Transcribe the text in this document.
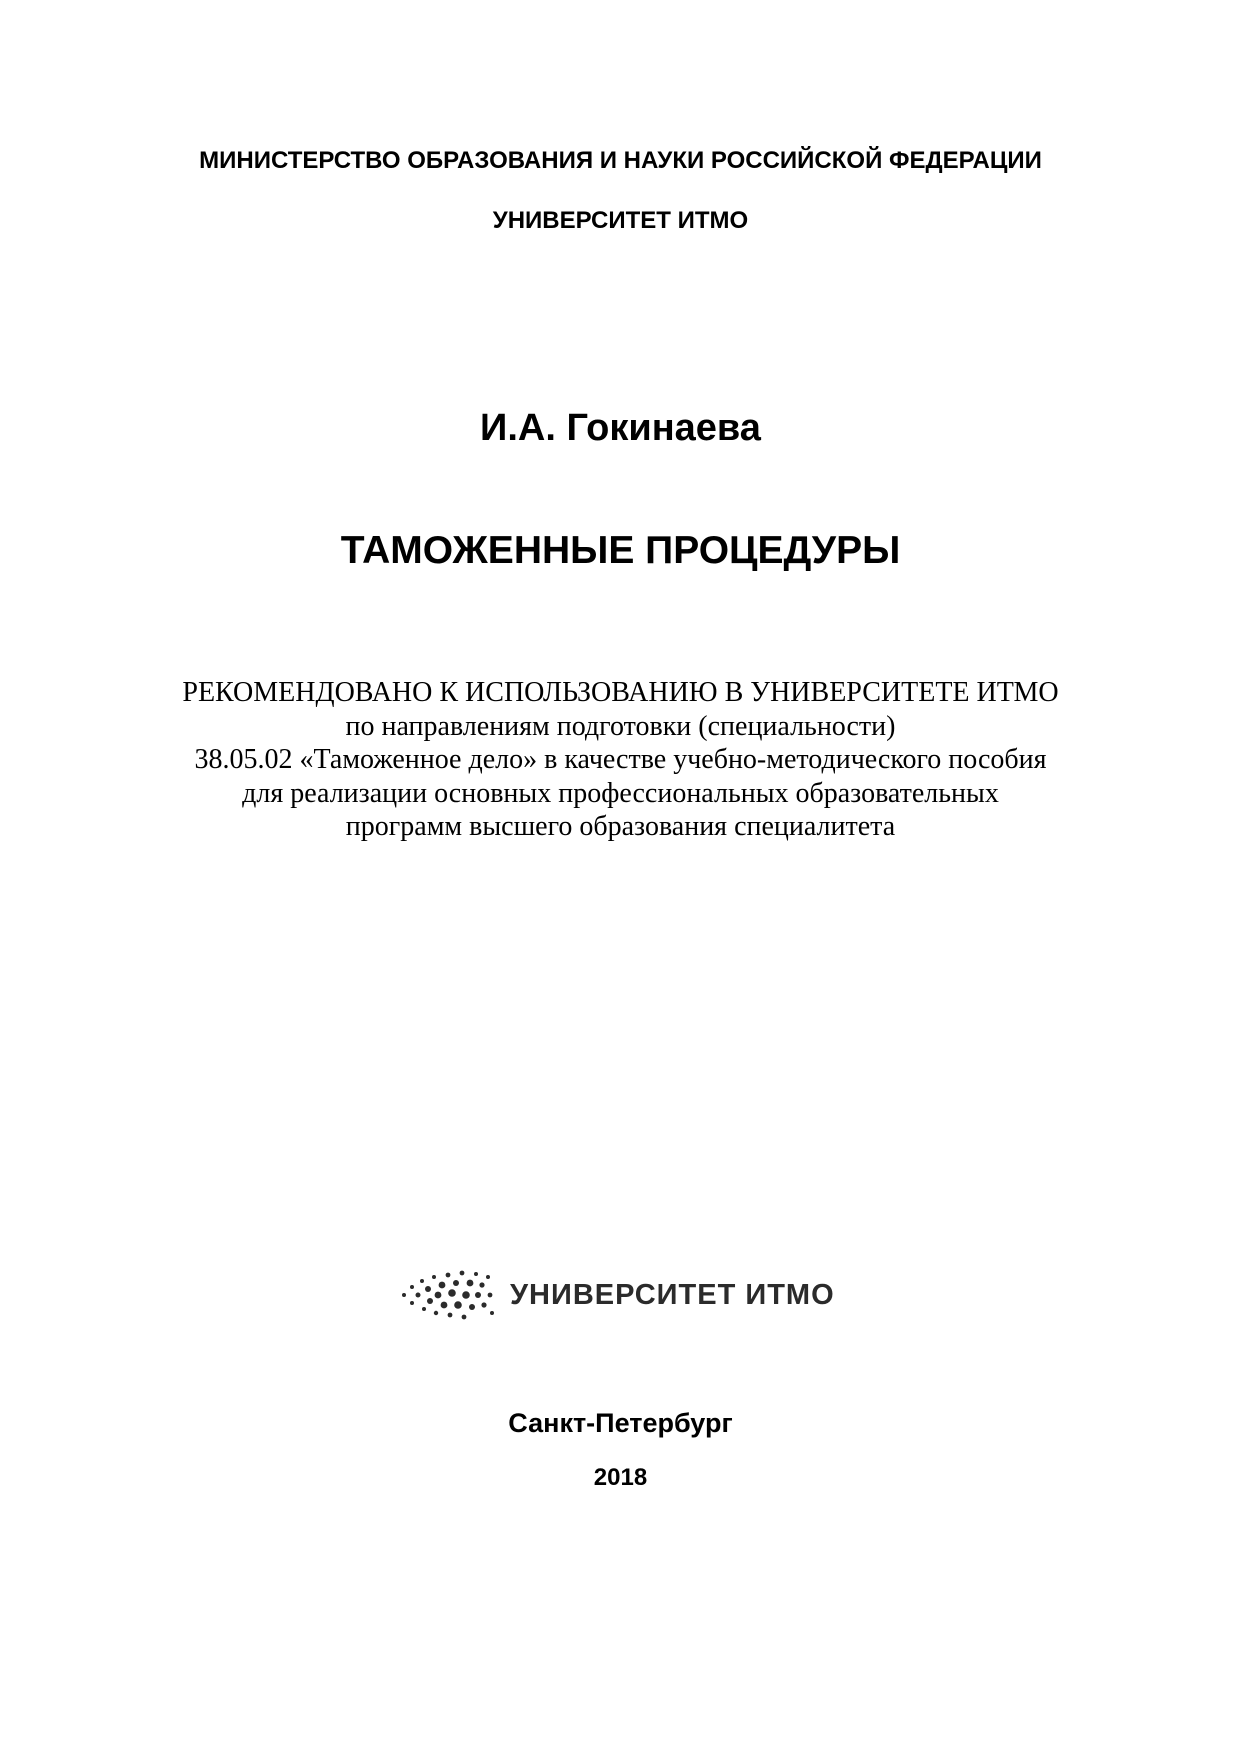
МИНИСТЕРСТВО ОБРАЗОВАНИЯ И НАУКИ РОССИЙСКОЙ ФЕДЕРАЦИИ
УНИВЕРСИТЕТ ИТМО
И.А. Гокинаева
ТАМОЖЕННЫЕ ПРОЦЕДУРЫ
РЕКОМЕНДОВАНО К ИСПОЛЬЗОВАНИЮ В УНИВЕРСИТЕТЕ ИТМО
по направлениям подготовки (специальности)
38.05.02 «Таможенное дело» в качестве учебно-методического пособия
для реализации основных профессиональных образовательных
программ высшего образования специалитета
УНИВЕРСИТЕТ ИТМО
Санкт-Петербург
2018
